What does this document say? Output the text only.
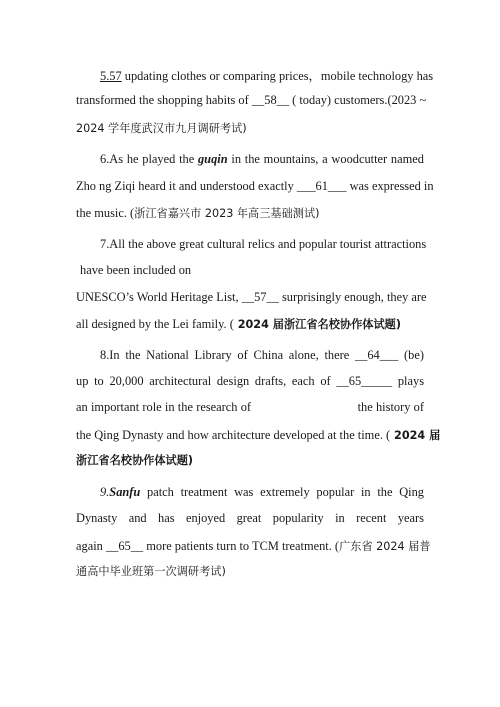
5.57 updating clothes or comparing prices，mobile technology has
transformed the shopping habits of __58__ ( today) customers.(2023 ~
2024 学年度武汉市九月调研考试)
6.As he played the guqin in the mountains, a woodcutter named
Zho ng Ziqi heard it and understood exactly ___61___ was expressed in
the music. (浙江省嘉兴市 2023 年高三基础测试)
7.All the above great cultural relics and popular tourist attractions
have been included on
UNESCO’s World Heritage List, __57__ surprisingly enough, they are
all designed by the Lei family. ( 2024 届浙江省名校协作体试题)
8.In the National Library of China alone, there __64___ (be)
up to 20,000 architectural design drafts, each of __65_____ plays
an important role in the research of	the history of
the Qing Dynasty and how architecture developed at the time. ( 2024 届
浙江省名校协作体试题)
9.Sanfu patch treatment was extremely popular in the Qing
Dynasty and has enjoyed great popularity in recent years
again __65__ more patients turn to TCM treatment. (广东省 2024 届普
通高中毕业班第一次调研考试)
